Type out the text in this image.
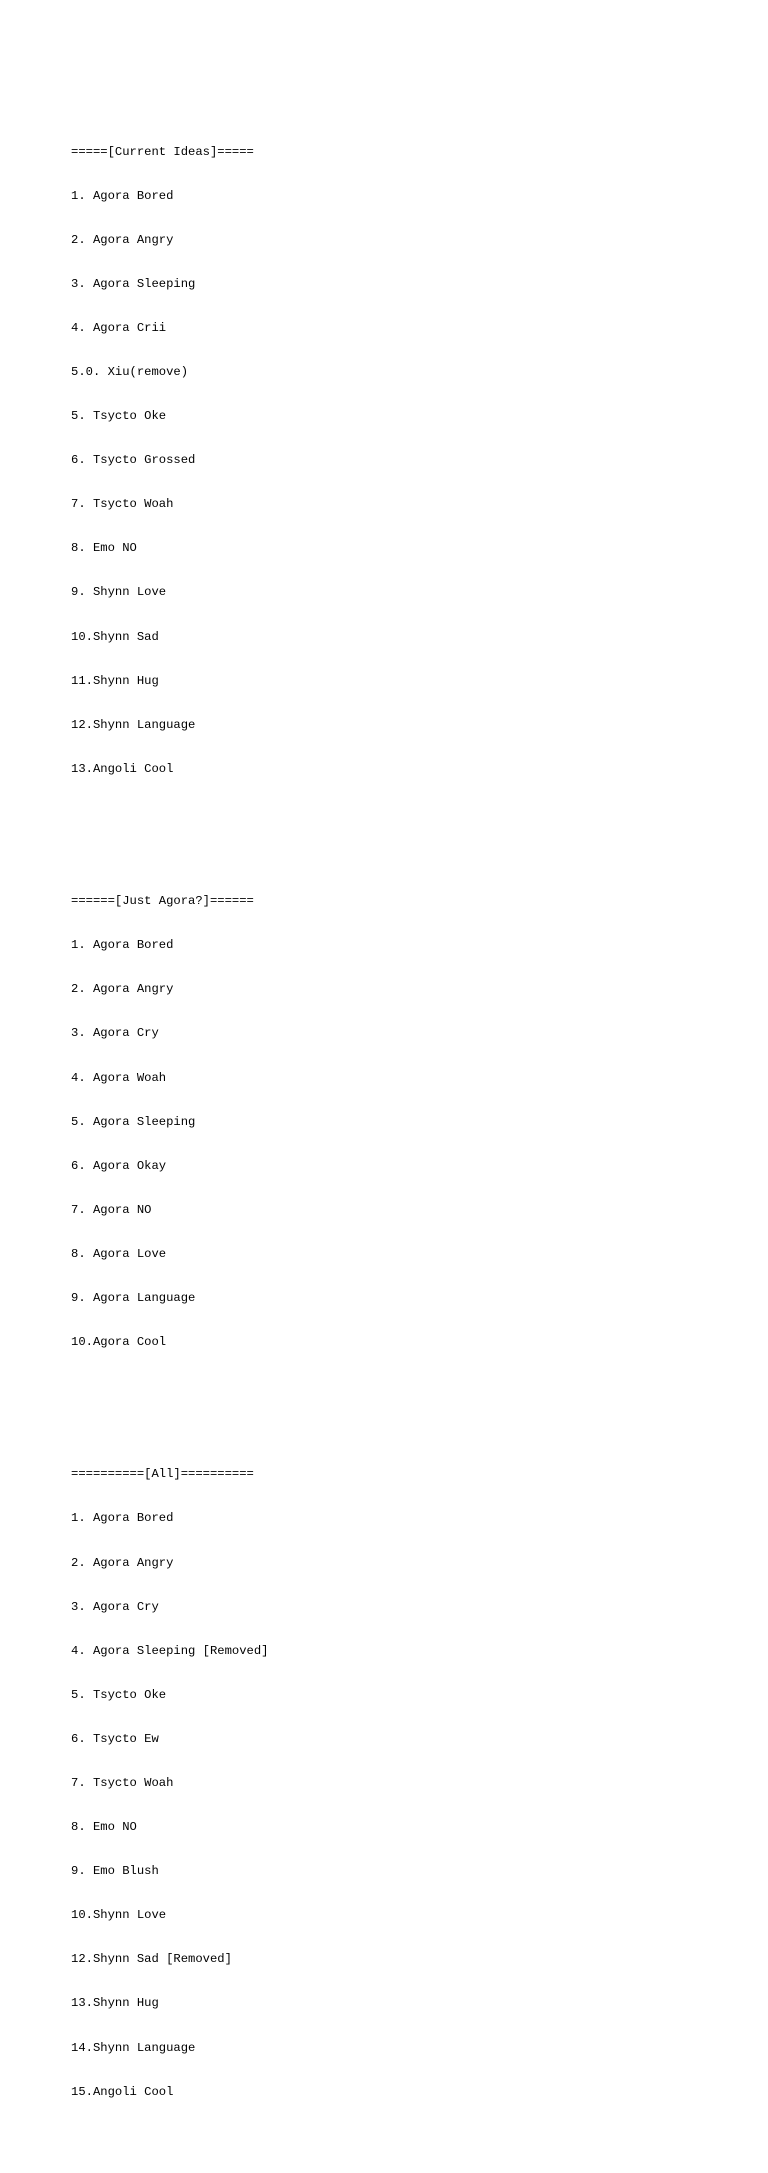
=====[Current Ideas]=====

1. Agora Bored

2. Agora Angry

3. Agora Sleeping

4. Agora Crii

5.0. Xiu(remove)

5. Tsycto Oke

6. Tsycto Grossed

7. Tsycto Woah

8. Emo NO

9. Shynn Love

10.Shynn Sad

11.Shynn Hug

12.Shynn Language

13.Angoli Cool

======[Just Agora?]======

1. Agora Bored

2. Agora Angry

3. Agora Cry

4. Agora Woah

5. Agora Sleeping

6. Agora Okay

7. Agora NO

8. Agora Love

9. Agora Language

10.Agora Cool

==========[All]==========

1. Agora Bored

2. Agora Angry

3. Agora Cry

4. Agora Sleeping [Removed]

5. Tsycto Oke

6. Tsycto Ew

7. Tsycto Woah

8. Emo NO

9. Emo Blush

10.Shynn Love

12.Shynn Sad [Removed]

13.Shynn Hug

14.Shynn Language

15.Angoli Cool
